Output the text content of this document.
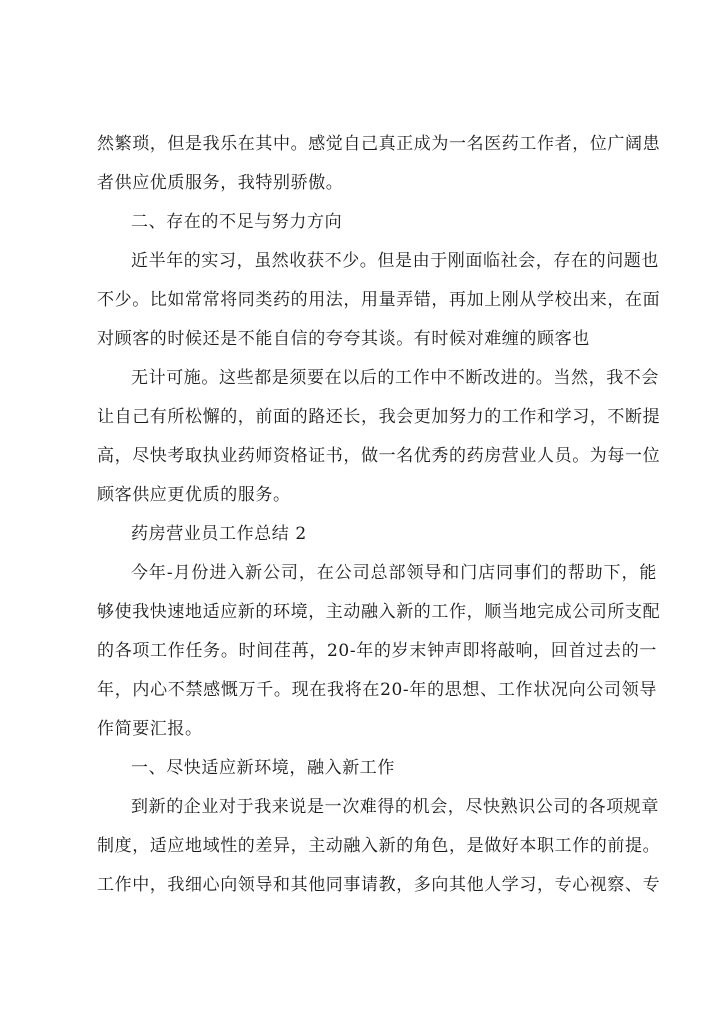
然繁琐，但是我乐在其中。感觉自己真正成为一名医药工作者，位广阔患
者供应优质服务，我特别骄傲。
二、存在的不足与努力方向
近半年的实习，虽然收获不少。但是由于刚面临社会，存在的问题也
不少。比如常常将同类药的用法，用量弄错，再加上刚从学校出来，在面
对顾客的时候还是不能自信的夸夸其谈。有时候对难缠的顾客也
无计可施。这些都是须要在以后的工作中不断改进的。当然，我不会
让自己有所松懈的，前面的路还长，我会更加努力的工作和学习，不断提
高，尽快考取执业药师资格证书，做一名优秀的药房营业人员。为每一位
顾客供应更优质的服务。
药房营业员工作总结 2
今年-月份进入新公司，在公司总部领导和门店同事们的帮助下，能
够使我快速地适应新的环境，主动融入新的工作，顺当地完成公司所支配
的各项工作任务。时间荏苒，20-年的岁末钟声即将敲响，回首过去的一
年，内心不禁感慨万千。现在我将在20-年的思想、工作状况向公司领导
作简要汇报。
一、尽快适应新环境，融入新工作
到新的企业对于我来说是一次难得的机会，尽快熟识公司的各项规章
制度，适应地域性的差异，主动融入新的角色，是做好本职工作的前提。
工作中，我细心向领导和其他同事请教，多向其他人学习，专心视察、专
